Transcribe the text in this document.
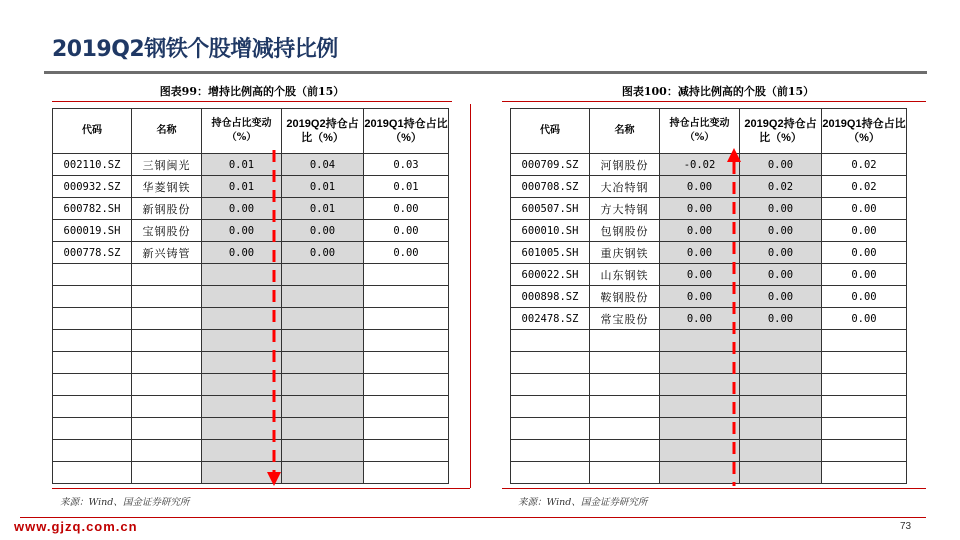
2019Q2钢铁个股增减持比例
图表99：增持比例高的个股（前15）
代码	名称	持仓占比变动（%）	2019Q2持仓占比（%）	2019Q1持仓占比（%）
002110.SZ	三钢闽光	0.01	0.04	0.03
000932.SZ	华菱钢铁	0.01	0.01	0.01
600782.SH	新钢股份	0.00	0.01	0.00
600019.SH	宝钢股份	0.00	0.00	0.00
000778.SZ	新兴铸管	0.00	0.00	0.00

来源：Wind、国金证券研究所
图表100：减持比例高的个股（前15）
代码	名称	持仓占比变动（%）	2019Q2持仓占比（%）	2019Q1持仓占比（%）
000709.SZ	河钢股份	-0.02	0.00	0.02
000708.SZ	大冶特钢	0.00	0.02	0.02
600507.SH	方大特钢	0.00	0.00	0.00
600010.SH	包钢股份	0.00	0.00	0.00
601005.SH	重庆钢铁	0.00	0.00	0.00
600022.SH	山东钢铁	0.00	0.00	0.00
000898.SZ	鞍钢股份	0.00	0.00	0.00
002478.SZ	常宝股份	0.00	0.00	0.00

来源：Wind、国金证券研究所
www.gjzq.com.cn	73
